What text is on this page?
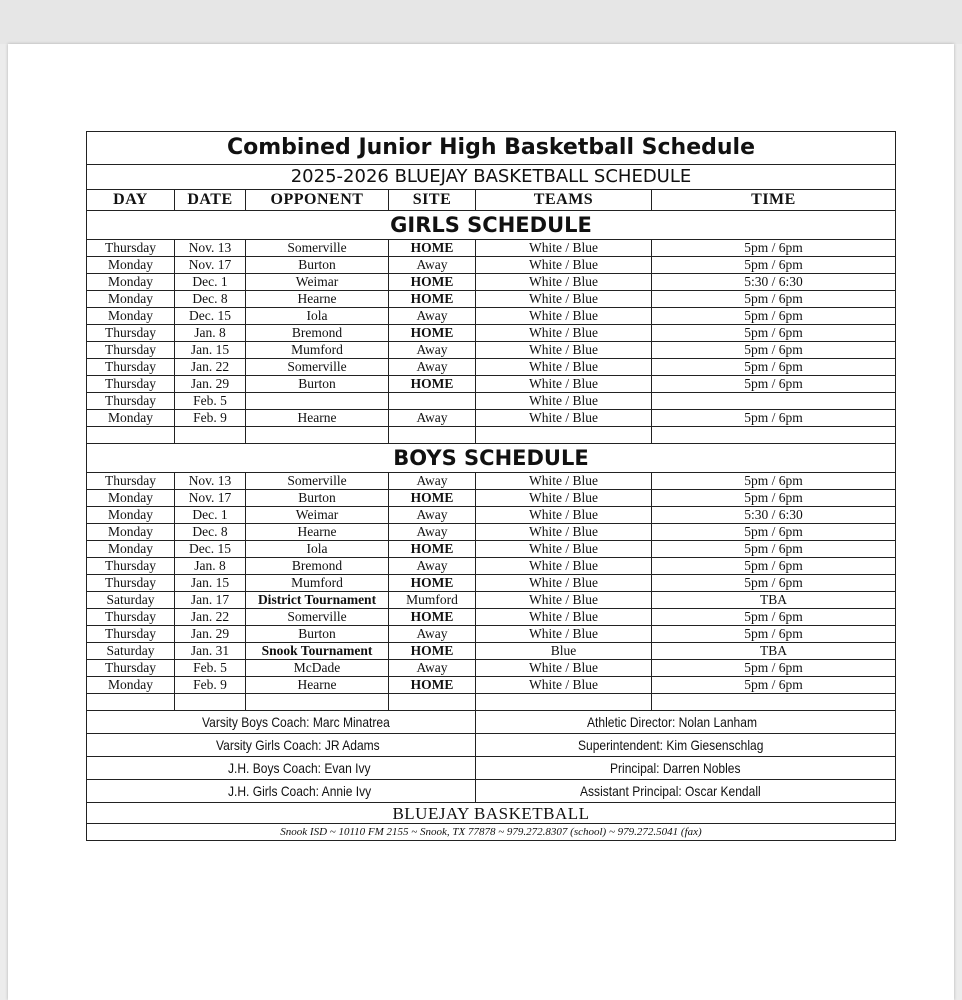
Combined Junior High Basketball Schedule					
2025-2026 BLUEJAY BASKETBALL SCHEDULE					
DAY	DATE	OPPONENT	SITE	TEAMS	TIME
GIRLS SCHEDULE					
Thursday	Nov. 13	Somerville	HOME	White / Blue	5pm / 6pm
Monday	Nov. 17	Burton	Away	White / Blue	5pm / 6pm
Monday	Dec. 1	Weimar	HOME	White / Blue	5:30 / 6:30
Monday	Dec. 8	Hearne	HOME	White / Blue	5pm / 6pm
Monday	Dec. 15	Iola	Away	White / Blue	5pm / 6pm
Thursday	Jan. 8	Bremond	HOME	White / Blue	5pm / 6pm
Thursday	Jan. 15	Mumford	Away	White / Blue	5pm / 6pm
Thursday	Jan. 22	Somerville	Away	White / Blue	5pm / 6pm
Thursday	Jan. 29	Burton	HOME	White / Blue	5pm / 6pm
Thursday	Feb. 5			White / Blue	
Monday	Feb. 9	Hearne	Away	White / Blue	5pm / 6pm

BOYS SCHEDULE					
Thursday	Nov. 13	Somerville	Away	White / Blue	5pm / 6pm
Monday	Nov. 17	Burton	HOME	White / Blue	5pm / 6pm
Monday	Dec. 1	Weimar	Away	White / Blue	5:30 / 6:30
Monday	Dec. 8	Hearne	Away	White / Blue	5pm / 6pm
Monday	Dec. 15	Iola	HOME	White / Blue	5pm / 6pm
Thursday	Jan. 8	Bremond	Away	White / Blue	5pm / 6pm
Thursday	Jan. 15	Mumford	HOME	White / Blue	5pm / 6pm
Saturday	Jan. 17	District Tournament	Mumford	White / Blue	TBA
Thursday	Jan. 22	Somerville	HOME	White / Blue	5pm / 6pm
Thursday	Jan. 29	Burton	Away	White / Blue	5pm / 6pm
Saturday	Jan. 31	Snook Tournament	HOME	Blue	TBA
Thursday	Feb. 5	McDade	Away	White / Blue	5pm / 6pm
Monday	Feb. 9	Hearne	HOME	White / Blue	5pm / 6pm

Varsity Boys Coach: Marc Minatrea				Athletic Director: Nolan Lanham	
Varsity Girls Coach: JR Adams				Superintendent: Kim Giesenschlag	
J.H. Boys Coach: Evan Ivy				Principal: Darren Nobles	
J.H. Girls Coach: Annie Ivy				Assistant Principal: Oscar Kendall	
BLUEJAY BASKETBALL					
Snook ISD ~ 10110 FM 2155 ~ Snook, TX 77878 ~ 979.272.8307 (school) ~ 979.272.5041 (fax)					
